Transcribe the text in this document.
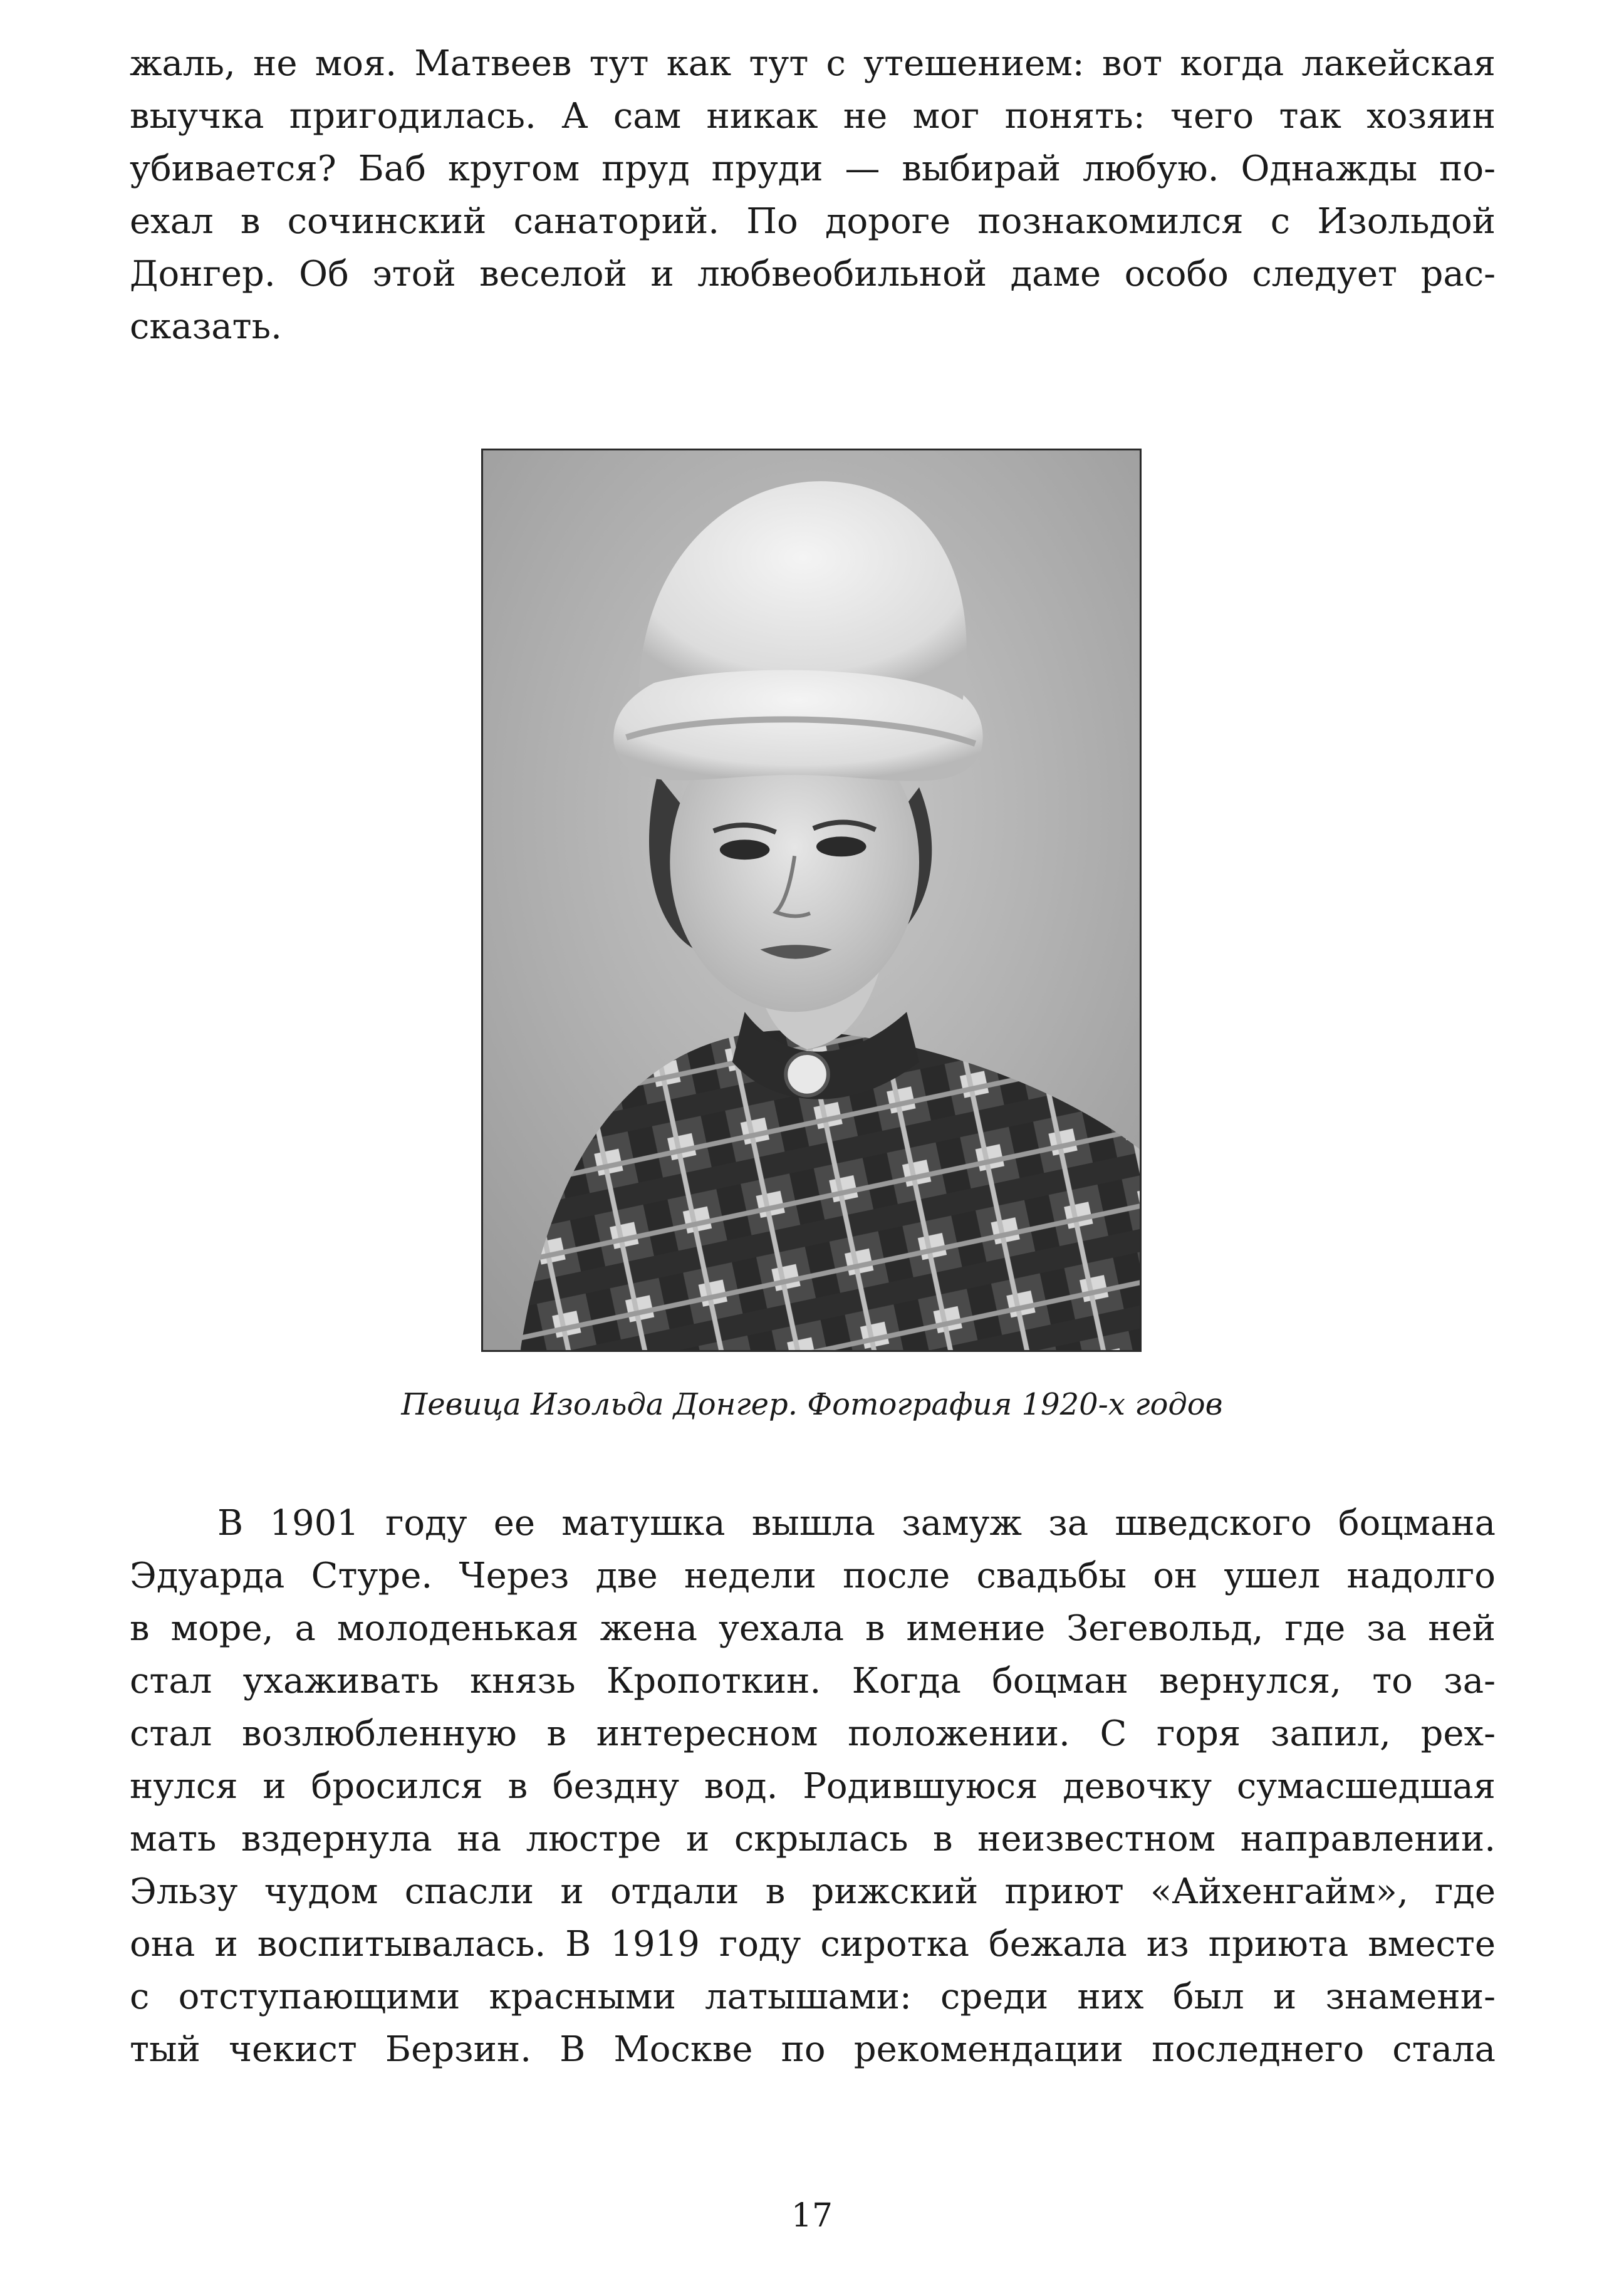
жаль, не моя. Матвеев тут как тут с утешением: вот когда лакейская
выучка пригодилась. А сам никак не мог понять: чего так хозяин
убивается? Баб кругом пруд пруди — выбирай любую. Однажды по-
ехал в сочинский санаторий. По дороге познакомился с Изольдой
Донгер. Об этой веселой и любвеобильной даме особо следует рас-
сказать.
Певица Изольда Донгер. Фотография 1920-х годов
В 1901 году ее матушка вышла замуж за шведского боцмана
Эдуарда Стуре. Через две недели после свадьбы он ушел надолго
в море, а молоденькая жена уехала в имение Зегевольд, где за ней
стал ухаживать князь Кропоткин. Когда боцман вернулся, то за-
стал возлюбленную в интересном положении. С горя запил, рех-
нулся и бросился в бездну вод. Родившуюся девочку сумасшедшая
мать вздернула на люстре и скрылась в неизвестном направлении.
Эльзу чудом спасли и отдали в рижский приют «Айхенгайм», где
она и воспитывалась. В 1919 году сиротка бежала из приюта вместе
с отступающими красными латышами: среди них был и знамени-
тый чекист Берзин. В Москве по рекомендации последнего стала
17
